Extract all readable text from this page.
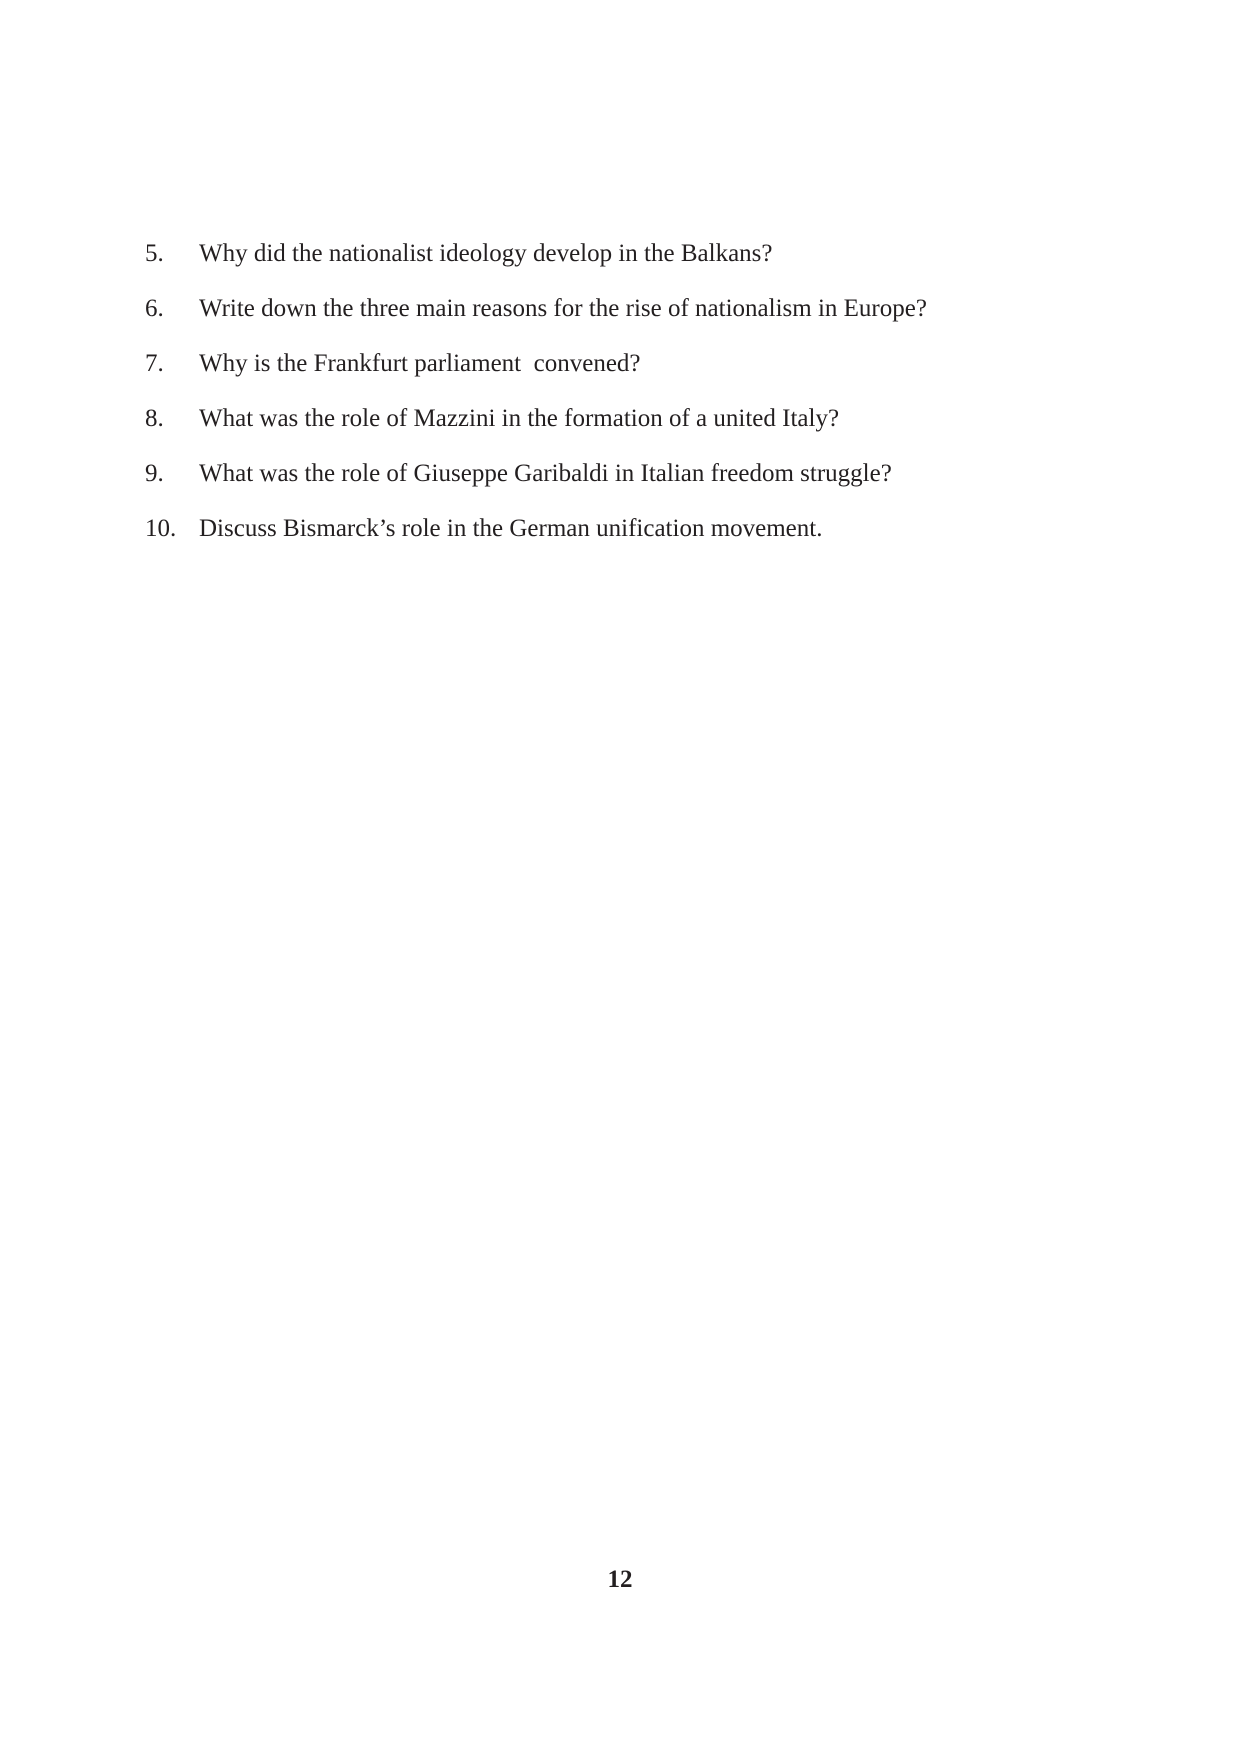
5.	Why did the nationalist ideology develop in the Balkans?
6.	Write down the three main reasons for the rise of nationalism in Europe?
7.	Why is the Frankfurt parliament  convened?
8.	What was the role of Mazzini in the formation of a united Italy?
9.	What was the role of Giuseppe Garibaldi in Italian freedom struggle?
10. Discuss Bismarck’s role in the German unification movement.
12
